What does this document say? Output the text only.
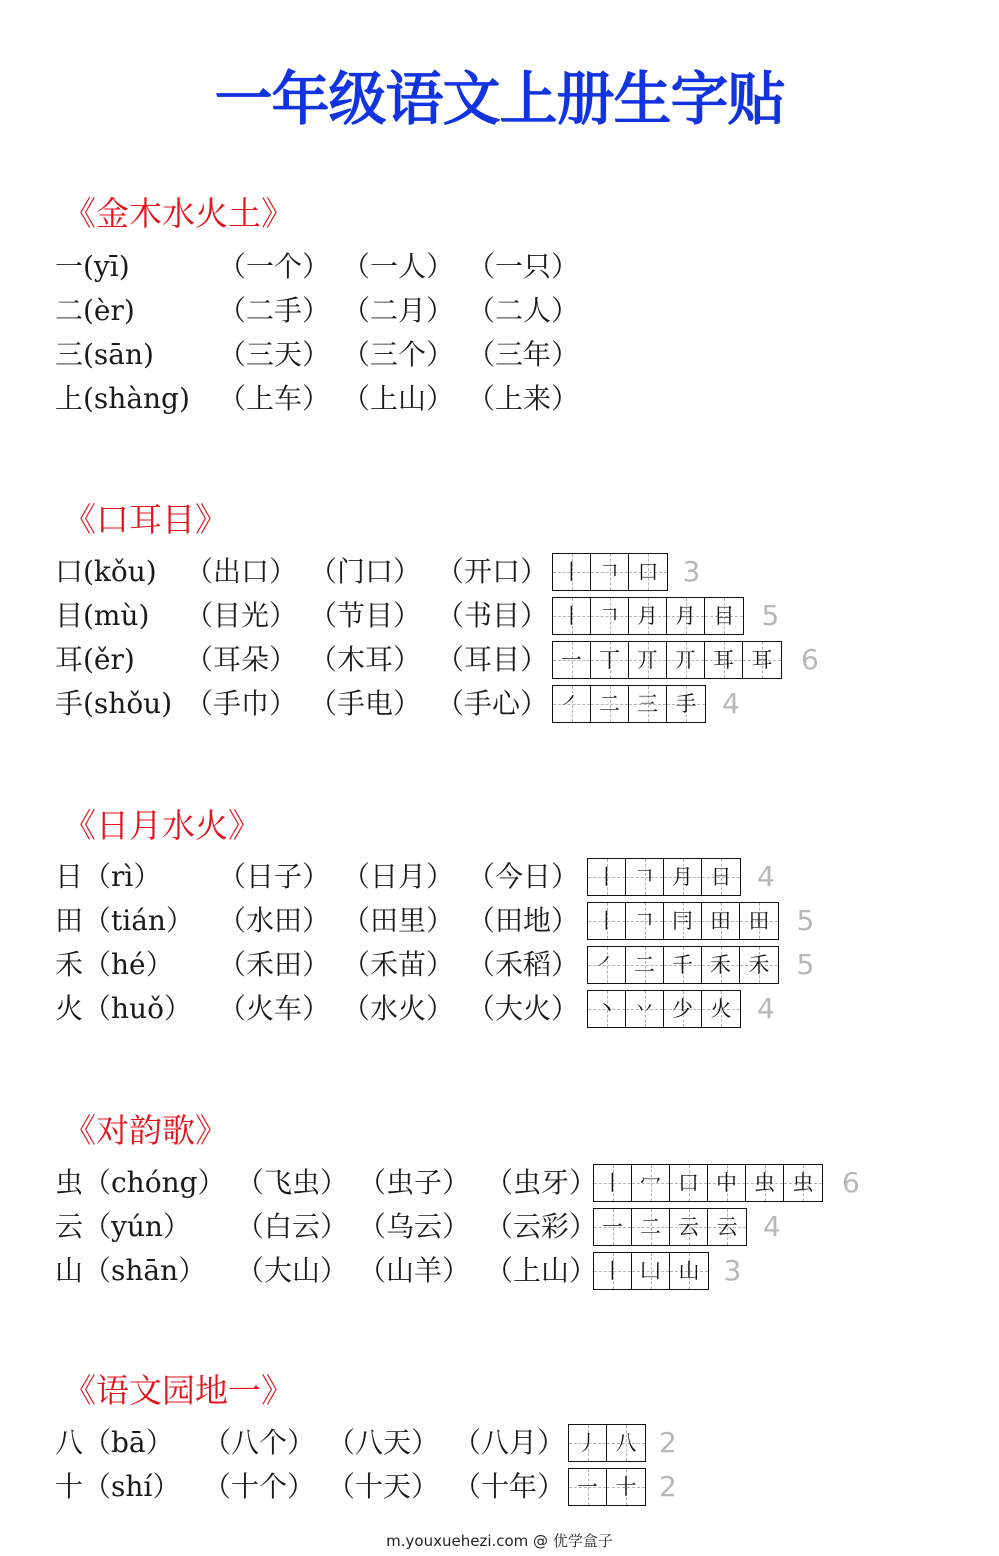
一年级语文上册生字贴
《金木水火土》
一(yī)	（一个） （一人） （一只）
二(èr)	（二手） （二月） （二人）
三(sān) （三天） （三个） （三年）
上(shàng) （上车） （上山） （上来）
《口耳目》
口(kǒu) （出口） （门口） （开口） 丨 𠃍 口 3
目(mù) （目光） （节目） （书目） 丨 𠃍 月 月 目 5
耳(ěr) （耳朵） （木耳） （耳目） 一 丅 丌 丌 耳 耳	6
手(shǒu) （手巾） （手电） （手心） ㇒ 二 三 手 4
《日月水火》
日（rì） （日子） （日月） （今日） 丨 𠃍 月 日 4
田（tián） （水田） （田里） （田地） 丨 𠃍 冃 田 田 5
禾（hé） （禾田） （禾苗） （禾稻） ㇒ 二 千 禾 禾 5
火（huǒ） （火车） （水火） （大火） 丶 丷 少 火 4
《对韵歌》
虫（chóng） （飞虫） （虫子） （虫牙） 丨 冖 口 中 虫 虫	6
云（yún） （白云） （乌云） （云彩） 一 二 云 云 4
山（shān） （大山） （山羊） （上山） 丨 凵 山 3
《语文园地一》
八（bā） （八个） （八天） （八月） 丿 八 2
十（shí） （十个） （十天） （十年） 一 十 2
m.youxuehezi.com @ 优学盒子
